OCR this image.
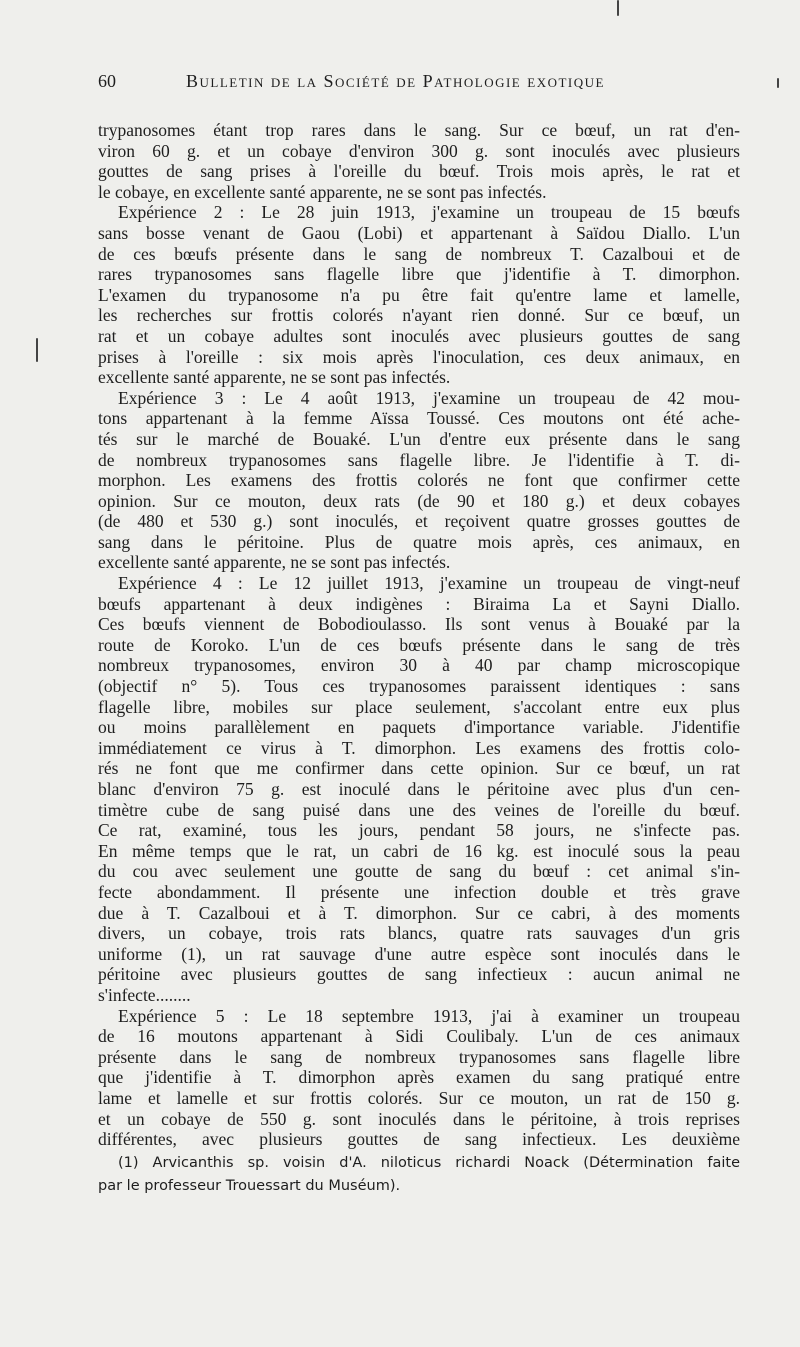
60	Bulletin de la Société de Pathologie exotique
trypanosomes étant trop rares dans le sang. Sur ce bœuf, un rat d'en-
viron 60 g. et un cobaye d'environ 300 g. sont inoculés avec plusieurs
gouttes de sang prises à l'oreille du bœuf. Trois mois après, le rat et
le cobaye, en excellente santé apparente, ne se sont pas infectés.
Expérience 2 : Le 28 juin 1913, j'examine un troupeau de 15 bœufs
sans bosse venant de Gaou (Lobi) et appartenant à Saïdou Diallo. L'un
de ces bœufs présente dans le sang de nombreux T. Cazalboui et de
rares trypanosomes sans flagelle libre que j'identifie à T. dimorphon.
L'examen du trypanosome n'a pu être fait qu'entre lame et lamelle,
les recherches sur frottis colorés n'ayant rien donné. Sur ce bœuf, un
rat et un cobaye adultes sont inoculés avec plusieurs gouttes de sang
prises à l'oreille : six mois après l'inoculation, ces deux animaux, en
excellente santé apparente, ne se sont pas infectés.
Expérience 3 : Le 4 août 1913, j'examine un troupeau de 42 mou-
tons appartenant à la femme Aïssa Toussé. Ces moutons ont été ache-
tés sur le marché de Bouaké. L'un d'entre eux présente dans le sang
de nombreux trypanosomes sans flagelle libre. Je l'identifie à T. di-
morphon. Les examens des frottis colorés ne font que confirmer cette
opinion. Sur ce mouton, deux rats (de 90 et 180 g.) et deux cobayes
(de 480 et 530 g.) sont inoculés, et reçoivent quatre grosses gouttes de
sang dans le péritoine. Plus de quatre mois après, ces animaux, en
excellente santé apparente, ne se sont pas infectés.
Expérience 4 : Le 12 juillet 1913, j'examine un troupeau de vingt-neuf
bœufs appartenant à deux indigènes : Biraima La et Sayni Diallo.
Ces bœufs viennent de Bobodioulasso. Ils sont venus à Bouaké par la
route de Koroko. L'un de ces bœufs présente dans le sang de très
nombreux trypanosomes, environ 30 à 40 par champ microscopique
(objectif n° 5). Tous ces trypanosomes paraissent identiques : sans
flagelle libre, mobiles sur place seulement, s'accolant entre eux plus
ou moins parallèlement en paquets d'importance variable. J'identifie
immédiatement ce virus à T. dimorphon. Les examens des frottis colo-
rés ne font que me confirmer dans cette opinion. Sur ce bœuf, un rat
blanc d'environ 75 g. est inoculé dans le péritoine avec plus d'un cen-
timètre cube de sang puisé dans une des veines de l'oreille du bœuf.
Ce rat, examiné, tous les jours, pendant 58 jours, ne s'infecte pas.
En même temps que le rat, un cabri de 16 kg. est inoculé sous la peau
du cou avec seulement une goutte de sang du bœuf : cet animal s'in-
fecte abondamment. Il présente une infection double et très grave
due à T. Cazalboui et à T. dimorphon. Sur ce cabri, à des moments
divers, un cobaye, trois rats blancs, quatre rats sauvages d'un gris
uniforme (1), un rat sauvage d'une autre espèce sont inoculés dans le
péritoine avec plusieurs gouttes de sang infectieux : aucun animal ne
s'infecte........
Expérience 5 : Le 18 septembre 1913, j'ai à examiner un troupeau
de 16 moutons appartenant à Sidi Coulibaly. L'un de ces animaux
présente dans le sang de nombreux trypanosomes sans flagelle libre
que j'identifie à T. dimorphon après examen du sang pratiqué entre
lame et lamelle et sur frottis colorés. Sur ce mouton, un rat de 150 g.
et un cobaye de 550 g. sont inoculés dans le péritoine, à trois reprises
différentes, avec plusieurs gouttes de sang infectieux. Les deuxième
(1) Arvicanthis sp. voisin d'A. niloticus richardi Noack (Détermination faite
par le professeur Trouessart du Muséum).
